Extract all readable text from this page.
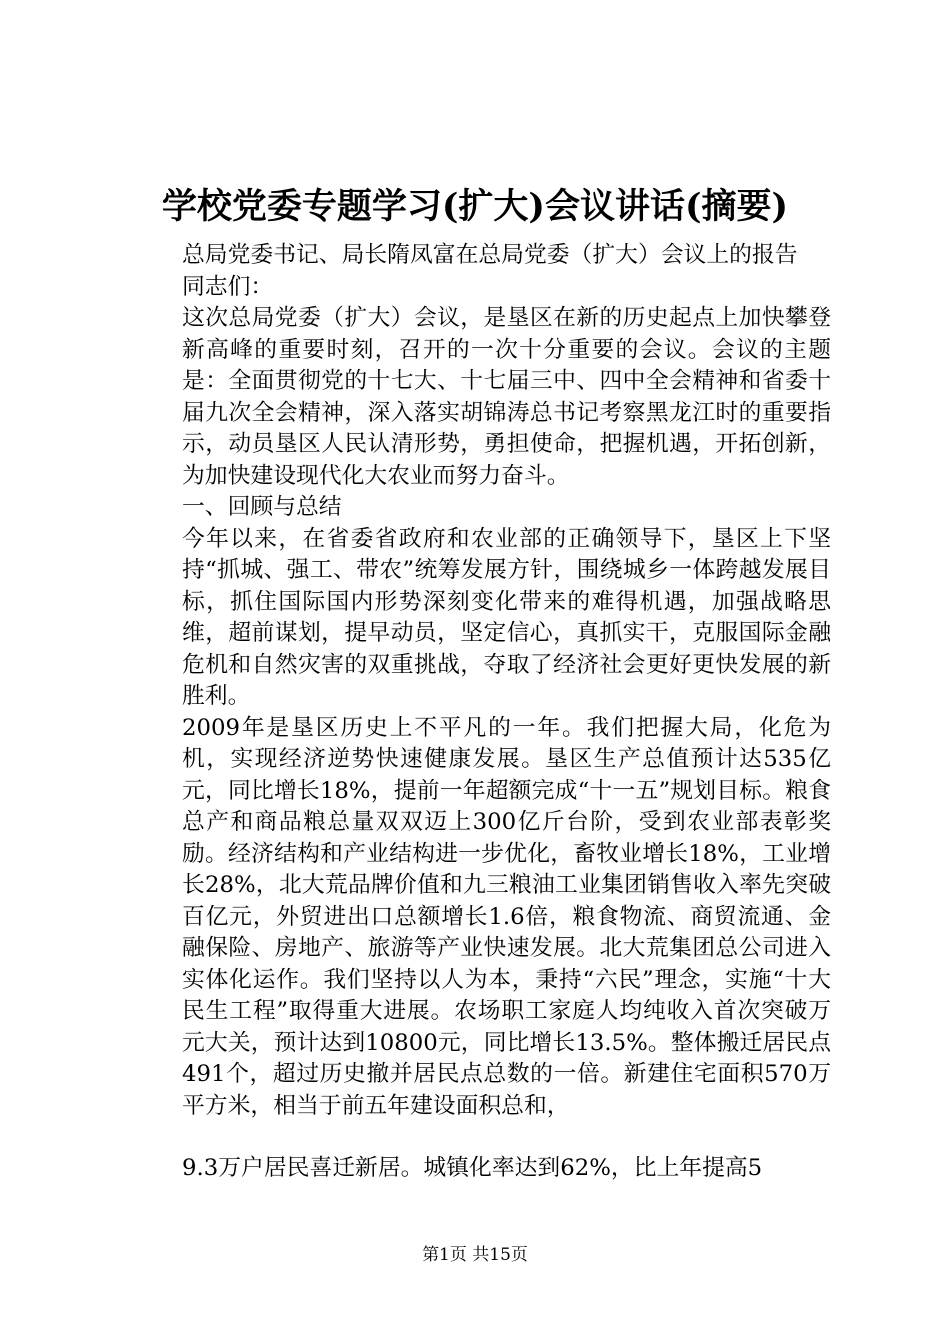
学校党委专题学习(扩大)会议讲话(摘要)

总局党委书记、局长隋凤富在总局党委（扩大）会议上的报告

同志们：

这次总局党委（扩大）会议，是垦区在新的历史起点上加快攀登新高峰的重要时刻，召开的一次十分重要的会议。会议的主题是：全面贯彻党的十七大、十七届三中、四中全会精神和省委十届九次全会精神，深入落实胡锦涛总书记考察黑龙江时的重要指示，动员垦区人民认清形势，勇担使命，把握机遇，开拓创新，为加快建设现代化大农业而努力奋斗。

一、回顾与总结

今年以来，在省委省政府和农业部的正确领导下，垦区上下坚持“抓城、强工、带农”统筹发展方针，围绕城乡一体跨越发展目标，抓住国际国内形势深刻变化带来的难得机遇，加强战略思维，超前谋划，提早动员，坚定信心，真抓实干，克服国际金融危机和自然灾害的双重挑战，夺取了经济社会更好更快发展的新胜利。

2009年是垦区历史上不平凡的一年。我们把握大局，化危为机，实现经济逆势快速健康发展。垦区生产总值预计达535亿元，同比增长18%，提前一年超额完成“十一五”规划目标。粮食总产和商品粮总量双双迈上300亿斤台阶，受到农业部表彰奖励。经济结构和产业结构进一步优化，畜牧业增长18%，工业增长28%，北大荒品牌价值和九三粮油工业集团销售收入率先突破百亿元，外贸进出口总额增长1.6倍，粮食物流、商贸流通、金融保险、房地产、旅游等产业快速发展。北大荒集团总公司进入实体化运作。我们坚持以人为本，秉持“六民”理念，实施“十大民生工程”取得重大进展。农场职工家庭人均纯收入首次突破万元大关，预计达到10800元，同比增长13.5%。整体搬迁居民点491个，超过历史撤并居民点总数的一倍。新建住宅面积570万平方米，相当于前五年建设面积总和，

9.3万户居民喜迁新居。城镇化率达到62%，比上年提高5

第1页 共15页
